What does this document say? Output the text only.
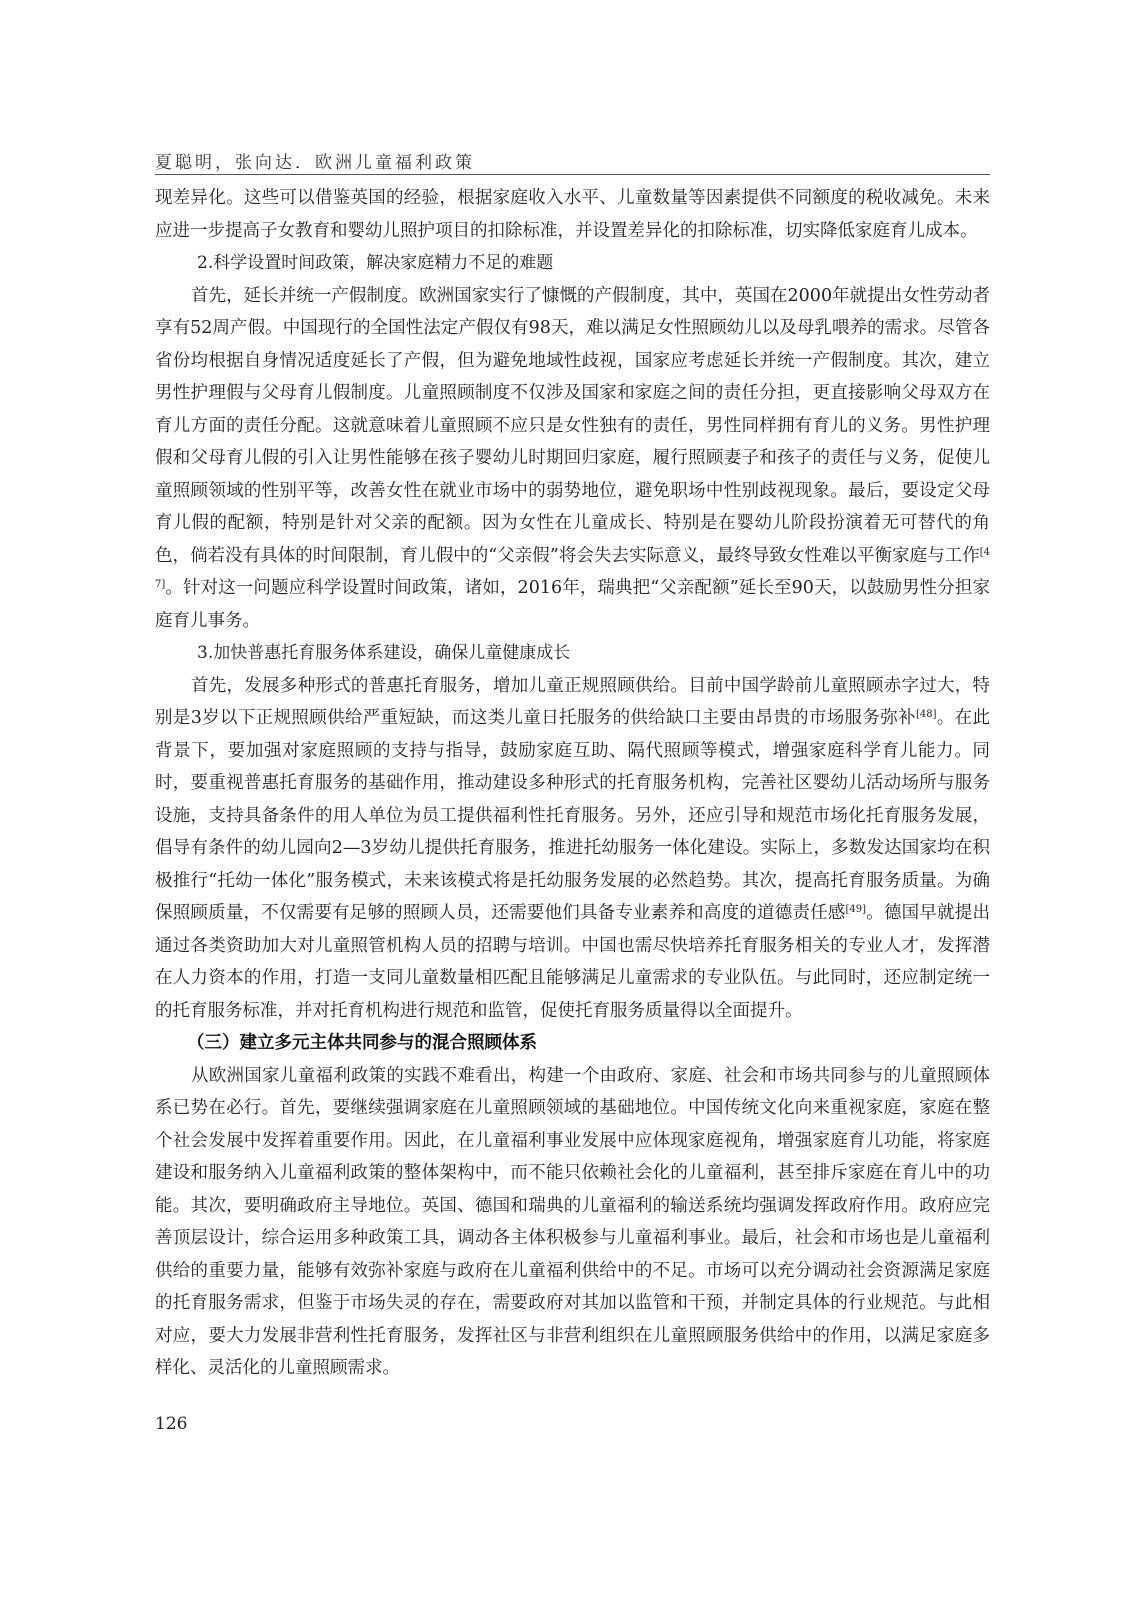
夏聪明，张向达．欧洲儿童福利政策

现差异化。这些可以借鉴英国的经验，根据家庭收入水平、儿童数量等因素提供不同额度的税收减免。未来应进一步提高子女教育和婴幼儿照护项目的扣除标准，并设置差异化的扣除标准，切实降低家庭育儿成本。

2.科学设置时间政策，解决家庭精力不足的难题

首先，延长并统一产假制度。欧洲国家实行了慷慨的产假制度，其中，英国在2000年就提出女性劳动者享有52周产假。中国现行的全国性法定产假仅有98天，难以满足女性照顾幼儿以及母乳喂养的需求。尽管各省份均根据自身情况适度延长了产假，但为避免地域性歧视，国家应考虑延长并统一产假制度。其次，建立男性护理假与父母育儿假制度。儿童照顾制度不仅涉及国家和家庭之间的责任分担，更直接影响父母双方在育儿方面的责任分配。这就意味着儿童照顾不应只是女性独有的责任，男性同样拥有育儿的义务。男性护理假和父母育儿假的引入让男性能够在孩子婴幼儿时期回归家庭，履行照顾妻子和孩子的责任与义务，促使儿童照顾领域的性别平等，改善女性在就业市场中的弱势地位，避免职场中性别歧视现象。最后，要设定父母育儿假的配额，特别是针对父亲的配额。因为女性在儿童成长、特别是在婴幼儿阶段扮演着无可替代的角色，倘若没有具体的时间限制，育儿假中的“父亲假”将会失去实际意义，最终导致女性难以平衡家庭与工作[47]。针对这一问题应科学设置时间政策，诸如，2016年，瑞典把“父亲配额”延长至90天，以鼓励男性分担家庭育儿事务。

3.加快普惠托育服务体系建设，确保儿童健康成长

首先，发展多种形式的普惠托育服务，增加儿童正规照顾供给。目前中国学龄前儿童照顾赤字过大，特别是3岁以下正规照顾供给严重短缺，而这类儿童日托服务的供给缺口主要由昂贵的市场服务弥补[48]。在此背景下，要加强对家庭照顾的支持与指导，鼓励家庭互助、隔代照顾等模式，增强家庭科学育儿能力。同时，要重视普惠托育服务的基础作用，推动建设多种形式的托育服务机构，完善社区婴幼儿活动场所与服务设施，支持具备条件的用人单位为员工提供福利性托育服务。另外，还应引导和规范市场化托育服务发展，倡导有条件的幼儿园向2—3岁幼儿提供托育服务，推进托幼服务一体化建设。实际上，多数发达国家均在积极推行“托幼一体化”服务模式，未来该模式将是托幼服务发展的必然趋势。其次，提高托育服务质量。为确保照顾质量，不仅需要有足够的照顾人员，还需要他们具备专业素养和高度的道德责任感[49]。德国早就提出通过各类资助加大对儿童照管机构人员的招聘与培训。中国也需尽快培养托育服务相关的专业人才，发挥潜在人力资本的作用，打造一支同儿童数量相匹配且能够满足儿童需求的专业队伍。与此同时，还应制定统一的托育服务标准，并对托育机构进行规范和监管，促使托育服务质量得以全面提升。

（三）建立多元主体共同参与的混合照顾体系

从欧洲国家儿童福利政策的实践不难看出，构建一个由政府、家庭、社会和市场共同参与的儿童照顾体系已势在必行。首先，要继续强调家庭在儿童照顾领域的基础地位。中国传统文化向来重视家庭，家庭在整个社会发展中发挥着重要作用。因此，在儿童福利事业发展中应体现家庭视角，增强家庭育儿功能，将家庭建设和服务纳入儿童福利政策的整体架构中，而不能只依赖社会化的儿童福利，甚至排斥家庭在育儿中的功能。其次，要明确政府主导地位。英国、德国和瑞典的儿童福利的输送系统均强调发挥政府作用。政府应完善顶层设计，综合运用多种政策工具，调动各主体积极参与儿童福利事业。最后，社会和市场也是儿童福利供给的重要力量，能够有效弥补家庭与政府在儿童福利供给中的不足。市场可以充分调动社会资源满足家庭的托育服务需求，但鉴于市场失灵的存在，需要政府对其加以监管和干预，并制定具体的行业规范。与此相对应，要大力发展非营利性托育服务，发挥社区与非营利组织在儿童照顾服务供给中的作用，以满足家庭多样化、灵活化的儿童照顾需求。

126
